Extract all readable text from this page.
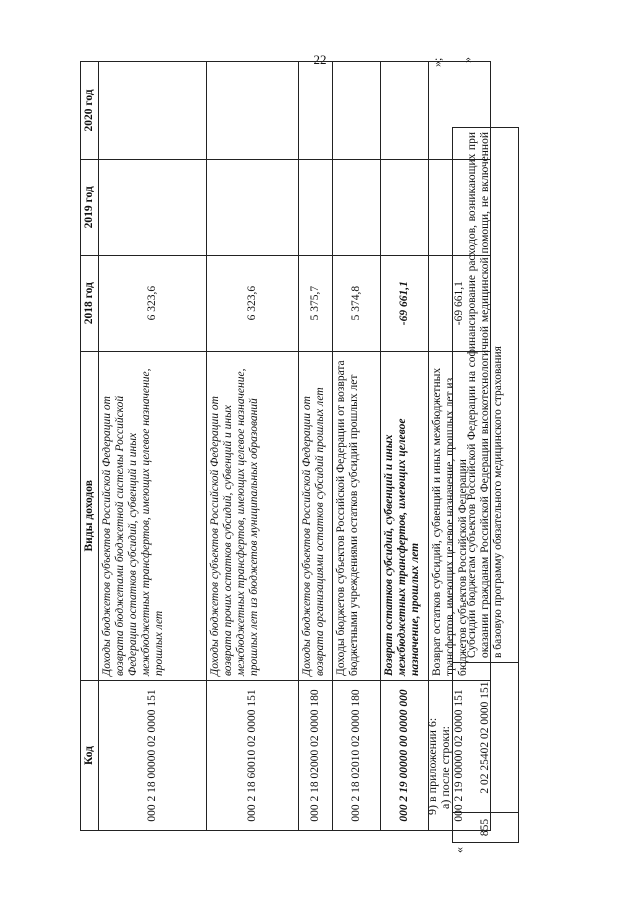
22
Код	Виды доходов	2018 год	2019 год	2020 год
000 2 18 00000 02 0000 151	Доходы бюджетов субъектов Российской Федерации от возврата бюджетами бюджетной системы Российской Федерации остатков субсидий, субвенций и иных межбюджетных трансфертов, имеющих целевое назначение, прошлых лет	6 323,6		
000 2 18 60010 02 0000 151	Доходы бюджетов субъектов Российской Федерации от возврата прочих остатков субсидий, субвенций и иных межбюджетных трансфертов, имеющих целевое назначение, прошлых лет из бюджетов муниципальных образований	6 323,6		
000 2 18 02000 02 0000 180	Доходы бюджетов субъектов Российской Федерации от возврата организациями остатков субсидий прошлых лет	5 375,7		
000 2 18 02010 02 0000 180	Доходы бюджетов субъектов Российской Федерации от возврата бюджетными учреждениями остатков субсидий прошлых лет	5 374,8		
000 2 19 00000 00 0000 000	Возврат остатков субсидий, субвенций и иных межбюджетных трансфертов, имеющих целевое назначение, прошлых лет	-69 661,1		
000 2 19 00000 02 0000 151	Возврат остатков субсидий, субвенций и иных межбюджетных трансфертов, имеющих целевое назначение, прошлых лет из бюджетов субъектов Российской Федерации	-69 661,1		
»;
9) в приложении 6: а) после строки:
«
855	2 02 25402 02 0000 151	Субсидии бюджетам субъектов Российской Федерации на софинансирование расходов, возникающих при оказании гражданам Российской Федерации высокотехнологичной медицинской помощи, не включенной в базовую программу обязательного медицинского страхования
»
